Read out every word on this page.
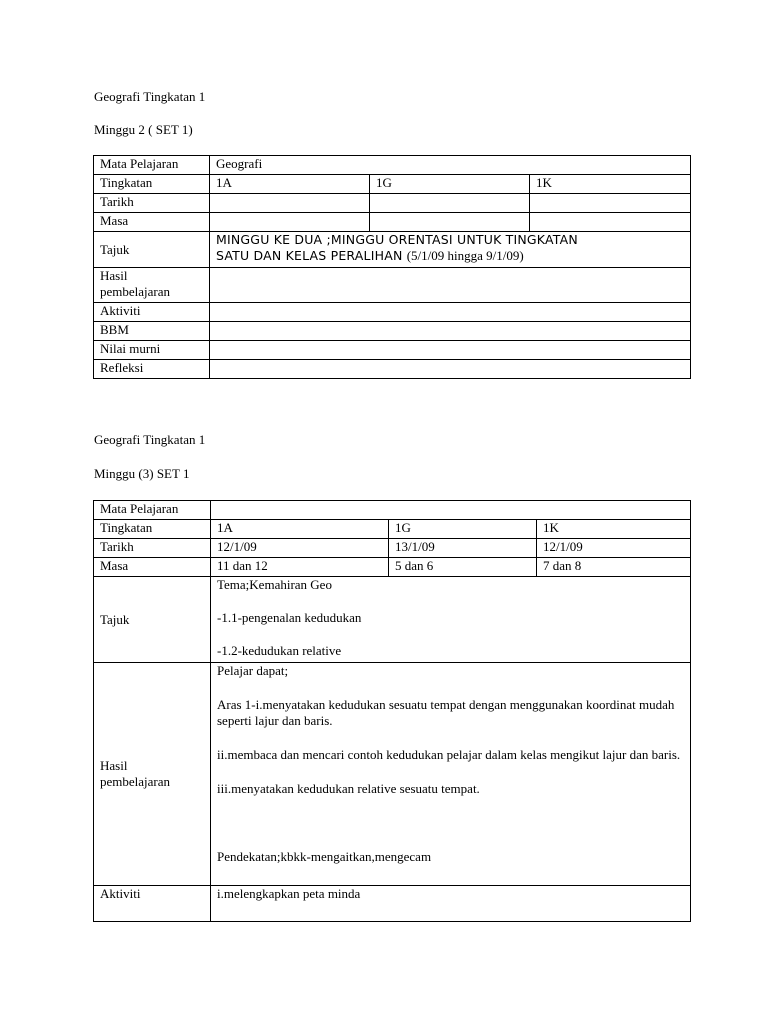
Geografi Tingkatan 1
Minggu 2 ( SET 1)
Mata Pelajaran	Geografi		
Tingkatan	1A	1G	1K
Tarikh			
Masa			
Tajuk	MINGGU KE DUA ;MINGGU ORENTASI UNTUK TINGKATAN
SATU DAN KELAS PERALIHAN (5/1/09 hingga 9/1/09)		

Hasil
pembelajaran			

Aktiviti			
BBM			
Nilai murni			
Refleksi			
Geografi Tingkatan 1
Minggu (3) SET 1
Mata Pelajaran			
Tingkatan	1A	1G	1K
Tarikh	12/1/09	13/1/09	12/1/09
Masa	11 dan 12	5 dan 6	7 dan 8
Tajuk	Tema;Kemahiran Geo
-1.1-pengenalan kedudukan
-1.2-kedudukan relative		

Hasil
pembelajaran	Pelajar dapat;
Aras 1-i.menyatakan kedudukan sesuatu tempat dengan menggunakan koordinat mudah seperti lajur dan baris.
ii.membaca dan mencari contoh kedudukan pelajar dalam kelas mengikut lajur dan baris.
iii.menyatakan kedudukan relative sesuatu tempat.
Pendekatan;kbkk-mengaitkan,mengecam		

Aktiviti	i.melengkapkan peta minda		
